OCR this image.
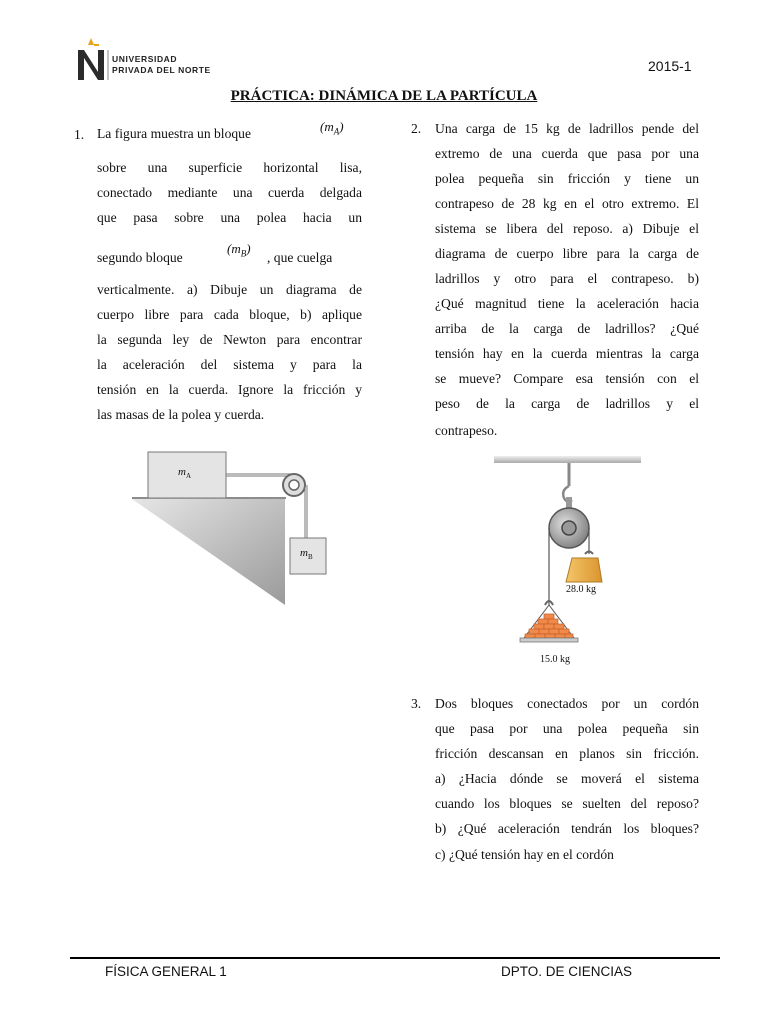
UNIVERSIDAD
PRIVADA DEL NORTE	2015-1
PRÁCTICA: DINÁMICA DE LA PARTÍCULA
1. La figura muestra un bloque	$(m_A)$
sobre una superficie horizontal lisa,
conectado mediante una cuerda delgada
que pasa sobre una polea hacia un
segundo bloque
$(m_B)$
, que cuelga
verticalmente. a) Dibuje un diagrama de
cuerpo libre para cada bloque, b) aplique
la segunda ley de Newton para encontrar
la aceleración del sistema y para la
tensión en la cuerda. Ignore la fricción y
las masas de la polea y cuerda.
$m_A$
$m_B$
2. Una carga de 15 kg de ladrillos pende del
extremo de una cuerda que pasa por una
polea pequeña sin fricción y tiene un
contrapeso de 28 kg en el otro extremo. El
sistema se libera del reposo. a) Dibuje el
diagrama de cuerpo libre para la carga de
ladrillos y otro para el contrapeso. b)
¿Qué magnitud tiene la aceleración hacia
arriba de la carga de ladrillos? ¿Qué
tensión hay en la cuerda mientras la carga
se mueve? Compare esa tensión con el
peso de la carga de ladrillos y el
contrapeso.
28.0 kg
15.0 kg
3. Dos bloques conectados por un cordón
que pasa por una polea pequeña sin
fricción descansan en planos sin fricción.
a) ¿Hacia dónde se moverá el sistema
cuando los bloques se suelten del reposo?
b) ¿Qué aceleración tendrán los bloques?
c) ¿Qué tensión hay en el cordón
FÍSICA GENERAL 1	DPTO. DE CIENCIAS
